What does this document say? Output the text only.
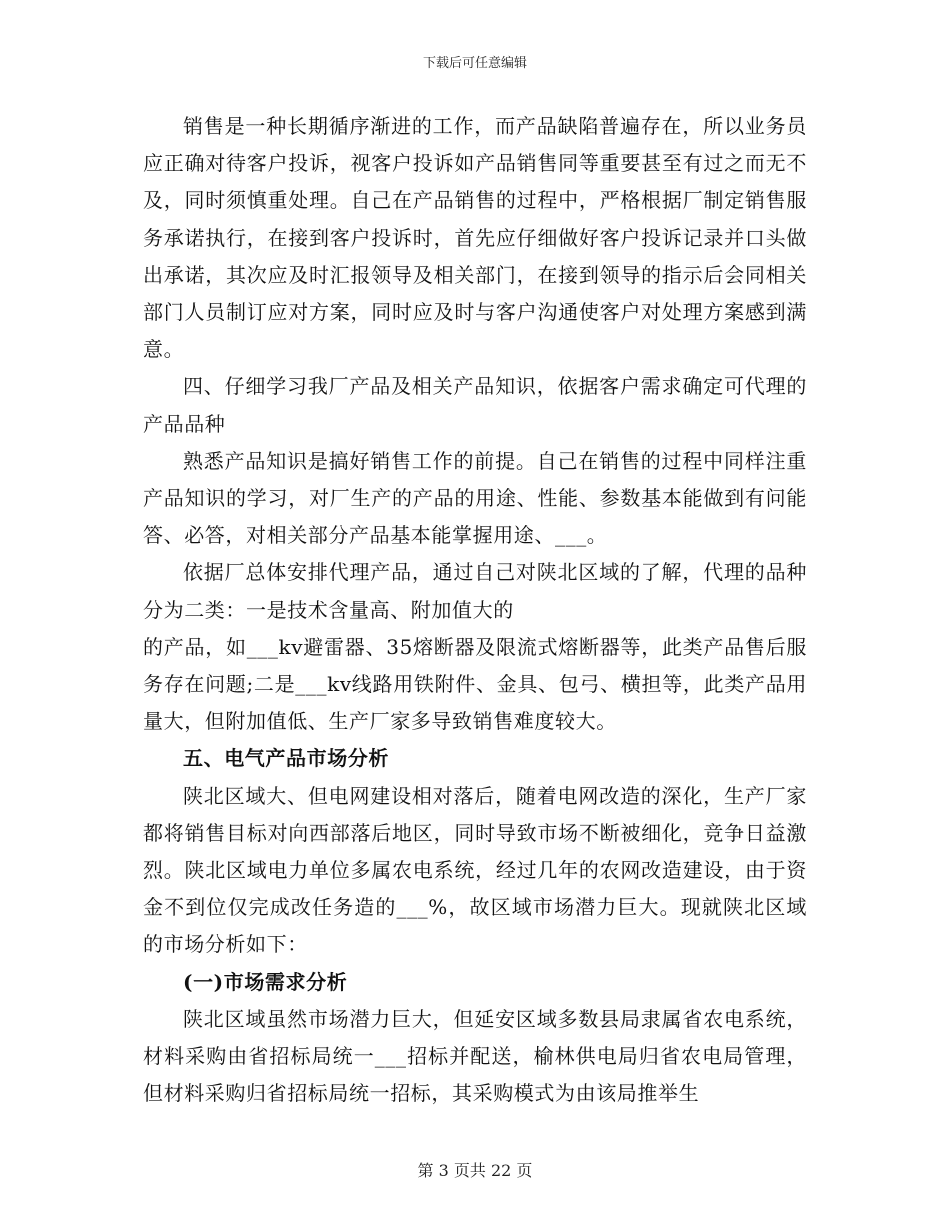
下载后可任意编辑

销售是一种长期循序渐进的工作，而产品缺陷普遍存在，所以业务员应正确对待客户投诉，视客户投诉如产品销售同等重要甚至有过之而无不及，同时须慎重处理。自己在产品销售的过程中，严格根据厂制定销售服务承诺执行，在接到客户投诉时，首先应仔细做好客户投诉记录并口头做出承诺，其次应及时汇报领导及相关部门，在接到领导的指示后会同相关部门人员制订应对方案，同时应及时与客户沟通使客户对处理方案感到满意。

四、仔细学习我厂产品及相关产品知识，依据客户需求确定可代理的产品品种

熟悉产品知识是搞好销售工作的前提。自己在销售的过程中同样注重产品知识的学习，对厂生产的产品的用途、性能、参数基本能做到有问能答、必答，对相关部分产品基本能掌握用途、___。

依据厂总体安排代理产品，通过自己对陕北区域的了解，代理的品种分为二类：一是技术含量高、附加值大的

的产品，如___kv避雷器、35熔断器及限流式熔断器等，此类产品售后服务存在问题;二是___kv线路用铁附件、金具、包弓、横担等，此类产品用量大，但附加值低、生产厂家多导致销售难度较大。

五、电气产品市场分析

陕北区域大、但电网建设相对落后，随着电网改造的深化，生产厂家都将销售目标对向西部落后地区，同时导致市场不断被细化，竞争日益激烈。陕北区域电力单位多属农电系统，经过几年的农网改造建设，由于资金不到位仅完成改任务造的___%，故区域市场潜力巨大。现就陕北区域的市场分析如下：

(一)市场需求分析

陕北区域虽然市场潜力巨大，但延安区域多数县局隶属省农电系统，材料采购由省招标局统一___招标并配送，榆林供电局归省农电局管理，但材料采购归省招标局统一招标，其采购模式为由该局推举生

第 3 页共 22 页
